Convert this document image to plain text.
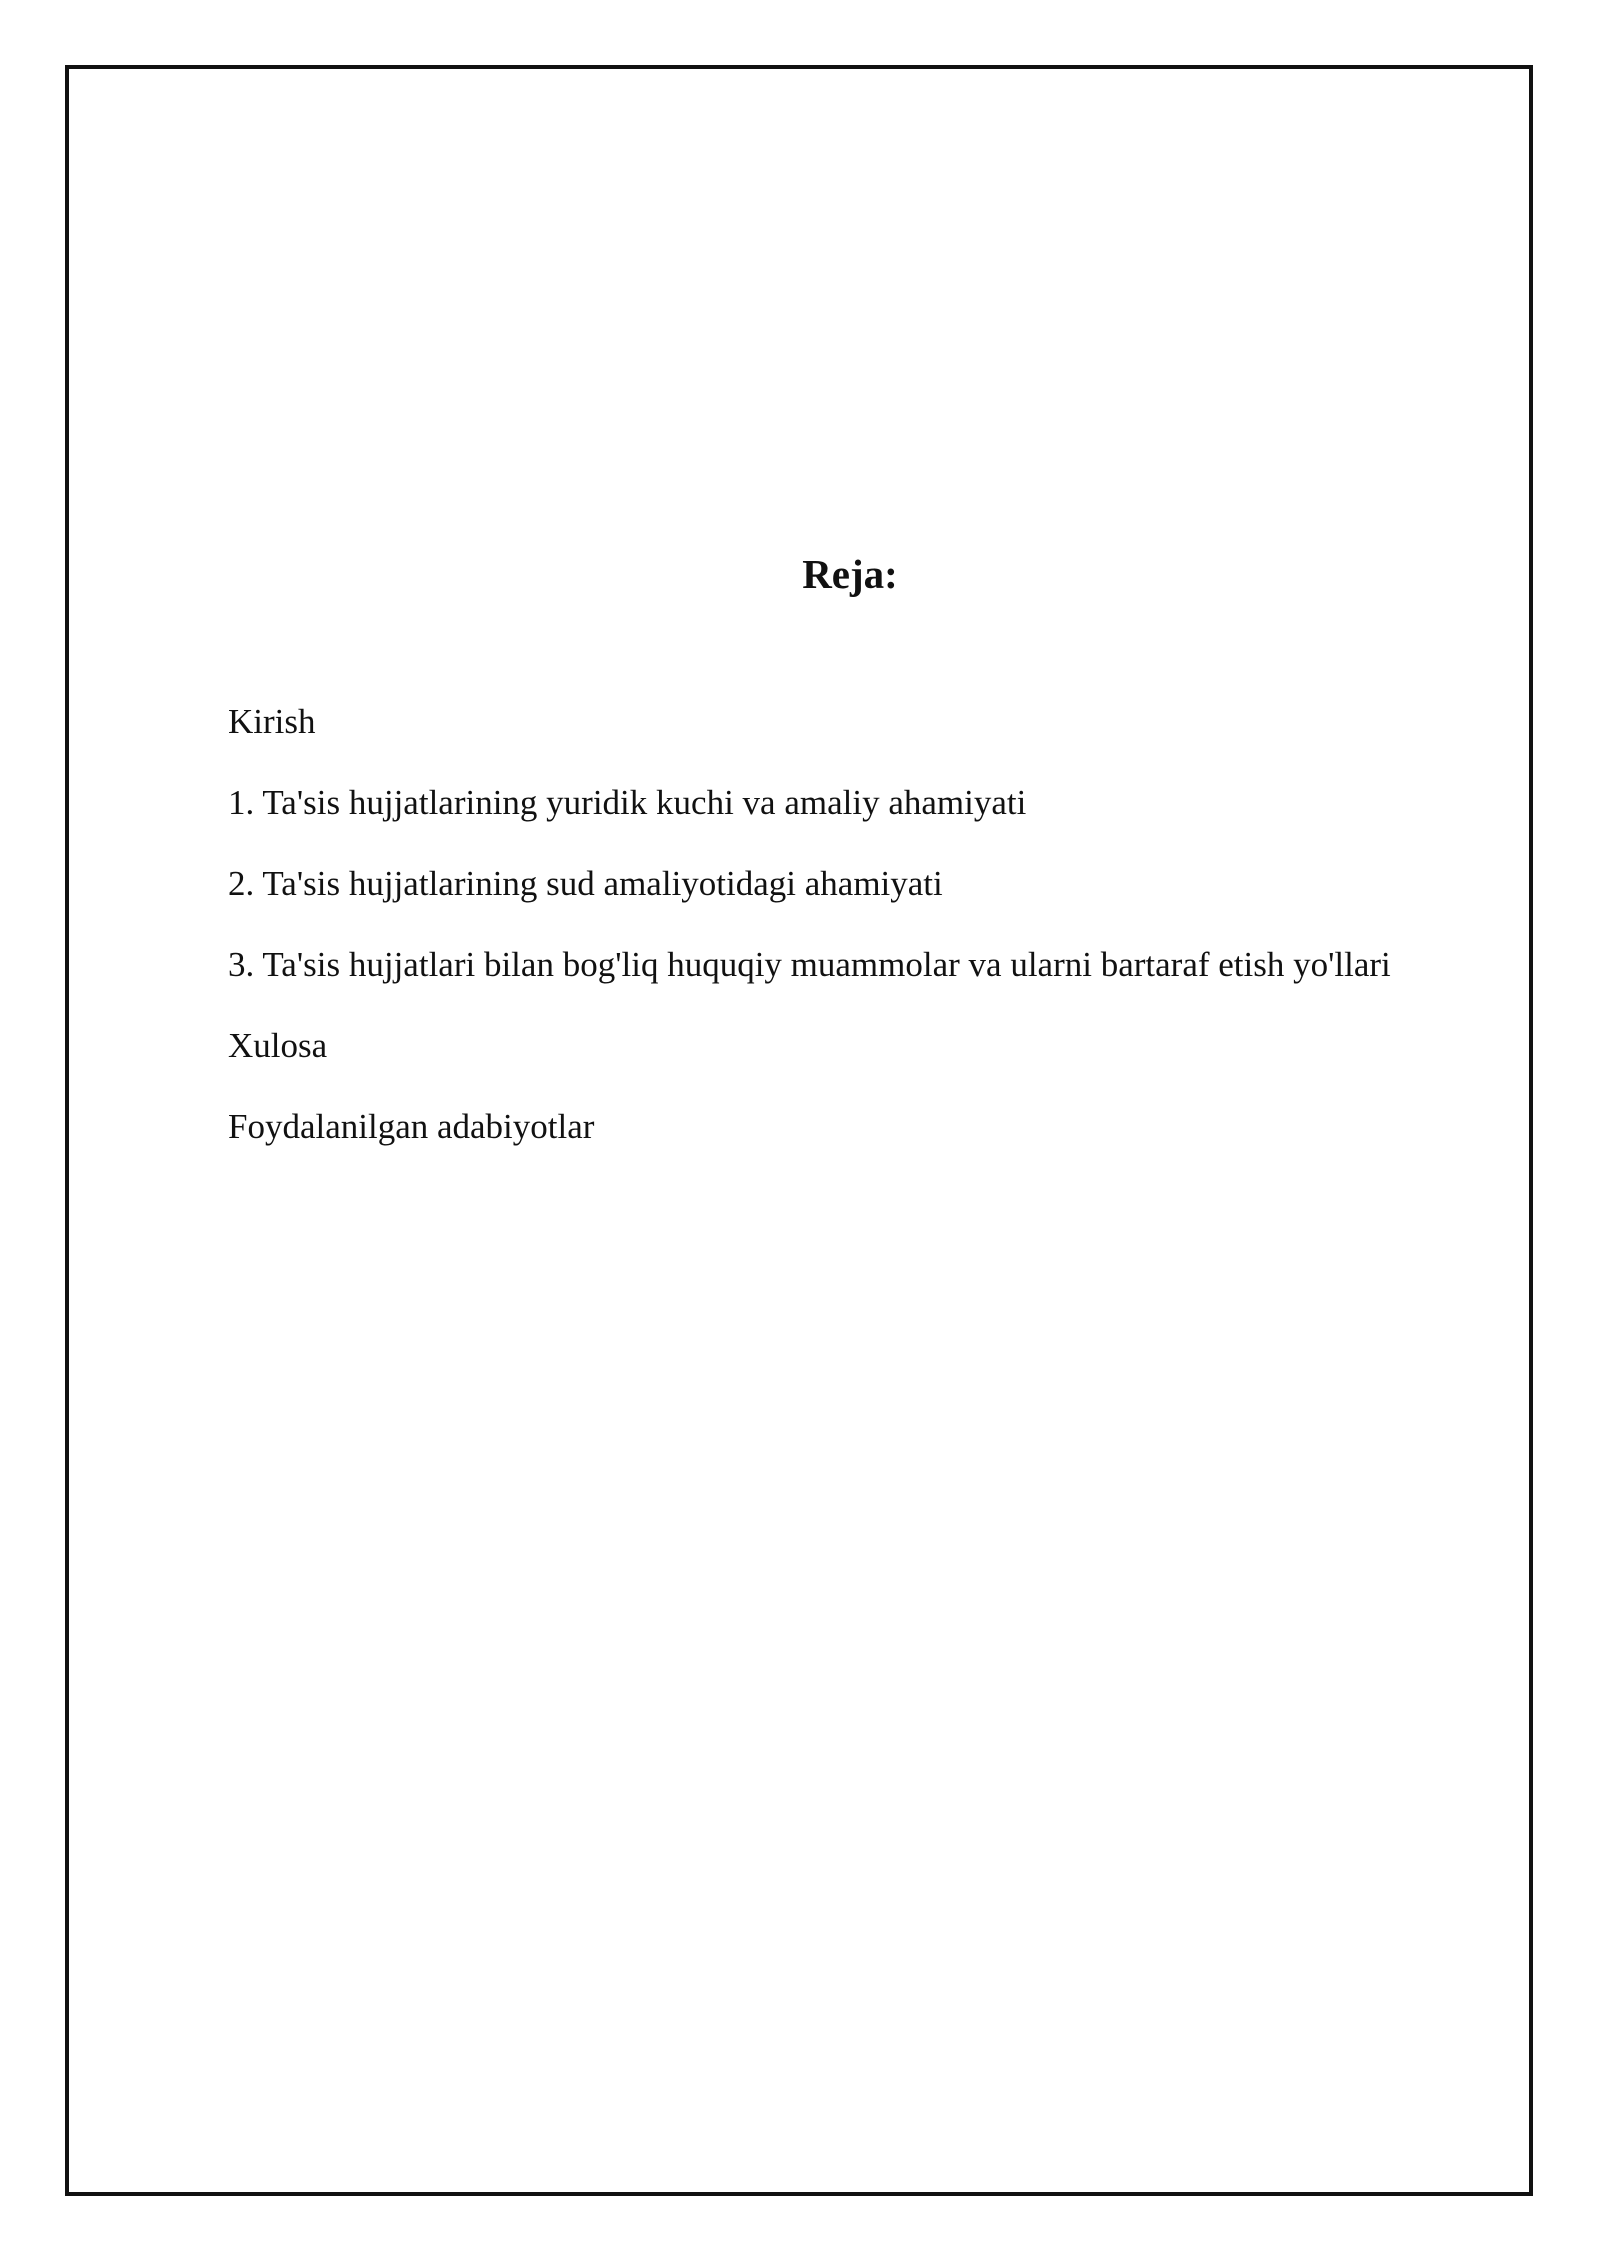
Reja:
Kirish
1. Ta'sis hujjatlarining yuridik kuchi va amaliy ahamiyati
2. Ta'sis hujjatlarining sud amaliyotidagi ahamiyati
3. Ta'sis hujjatlari bilan bog'liq huquqiy muammolar va ularni bartaraf etish yo'llari
Xulosa
Foydalanilgan adabiyotlar
